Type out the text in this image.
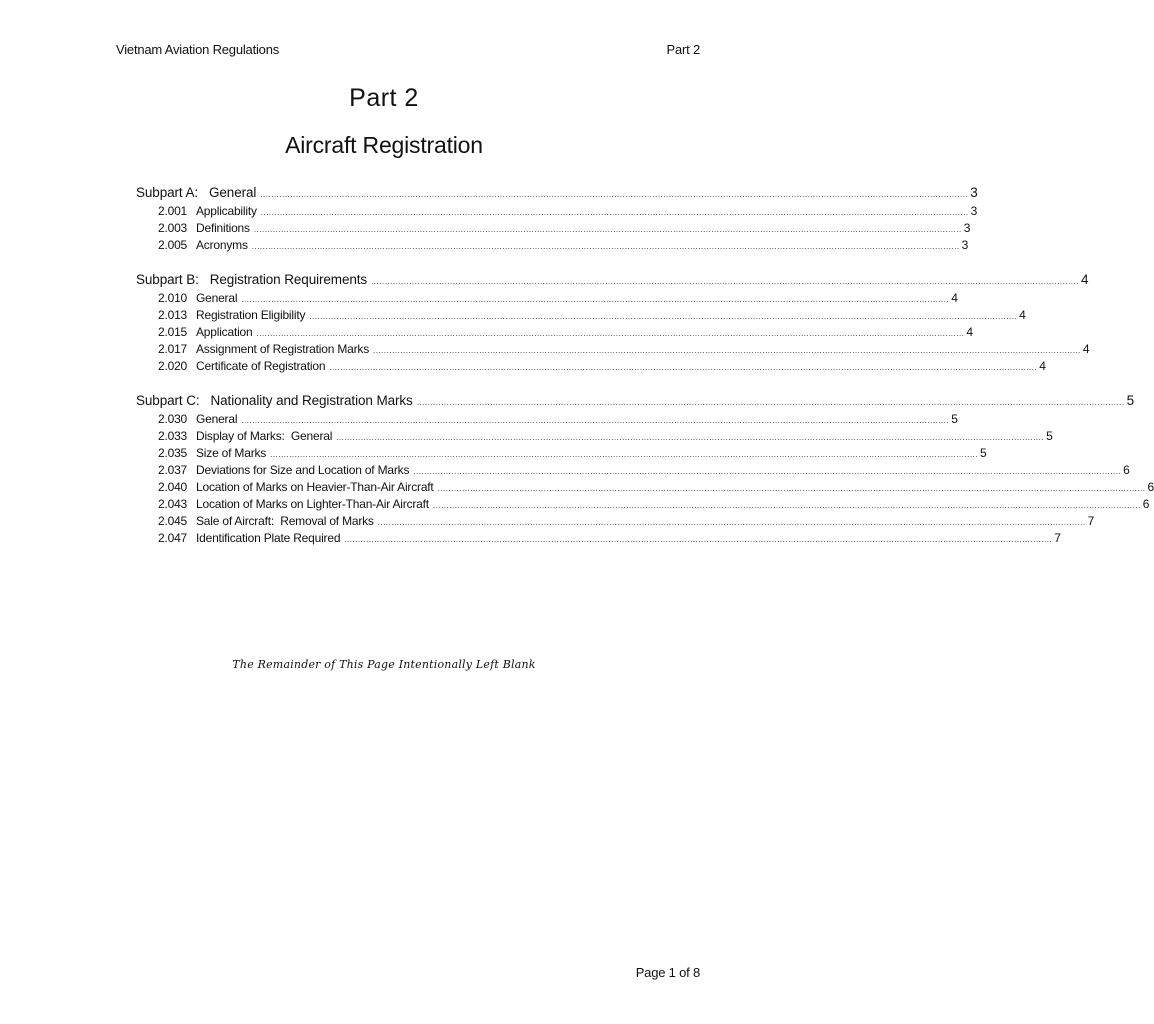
Vietnam Aviation Regulations	Part 2
Part 2
Aircraft Registration
Subpart A: General .................................................................................................................................................................................................................................................................... 3
2.001 Applicability .................................................................................................................................................................................................................................................................... 3
2.003 Definitions .................................................................................................................................................................................................................................................................... 3
2.005 Acronyms .................................................................................................................................................................................................................................................................... 3
Subpart B: Registration Requirements .................................................................................................................................................................................................................................................................... 4
2.010 General .................................................................................................................................................................................................................................................................... 4
2.013 Registration Eligibility .................................................................................................................................................................................................................................................................... 4
2.015 Application .................................................................................................................................................................................................................................................................... 4
2.017 Assignment of Registration Marks .................................................................................................................................................................................................................................................................... 4
2.020 Certificate of Registration .................................................................................................................................................................................................................................................................... 4
Subpart C: Nationality and Registration Marks .................................................................................................................................................................................................................................................................... 5
2.030 General .................................................................................................................................................................................................................................................................... 5
2.033 Display of Marks:  General .................................................................................................................................................................................................................................................................... 5
2.035 Size of Marks .................................................................................................................................................................................................................................................................... 5
2.037 Deviations for Size and Location of Marks .................................................................................................................................................................................................................................................................... 6
2.040 Location of Marks on Heavier-Than-Air Aircraft .................................................................................................................................................................................................................................................................... 6
2.043 Location of Marks on Lighter-Than-Air Aircraft .................................................................................................................................................................................................................................................................... 6
2.045 Sale of Aircraft:  Removal of Marks .................................................................................................................................................................................................................................................................... 7
2.047 Identification Plate Required .................................................................................................................................................................................................................................................................... 7
The Remainder of This Page Intentionally Left Blank
Page 1 of 8
